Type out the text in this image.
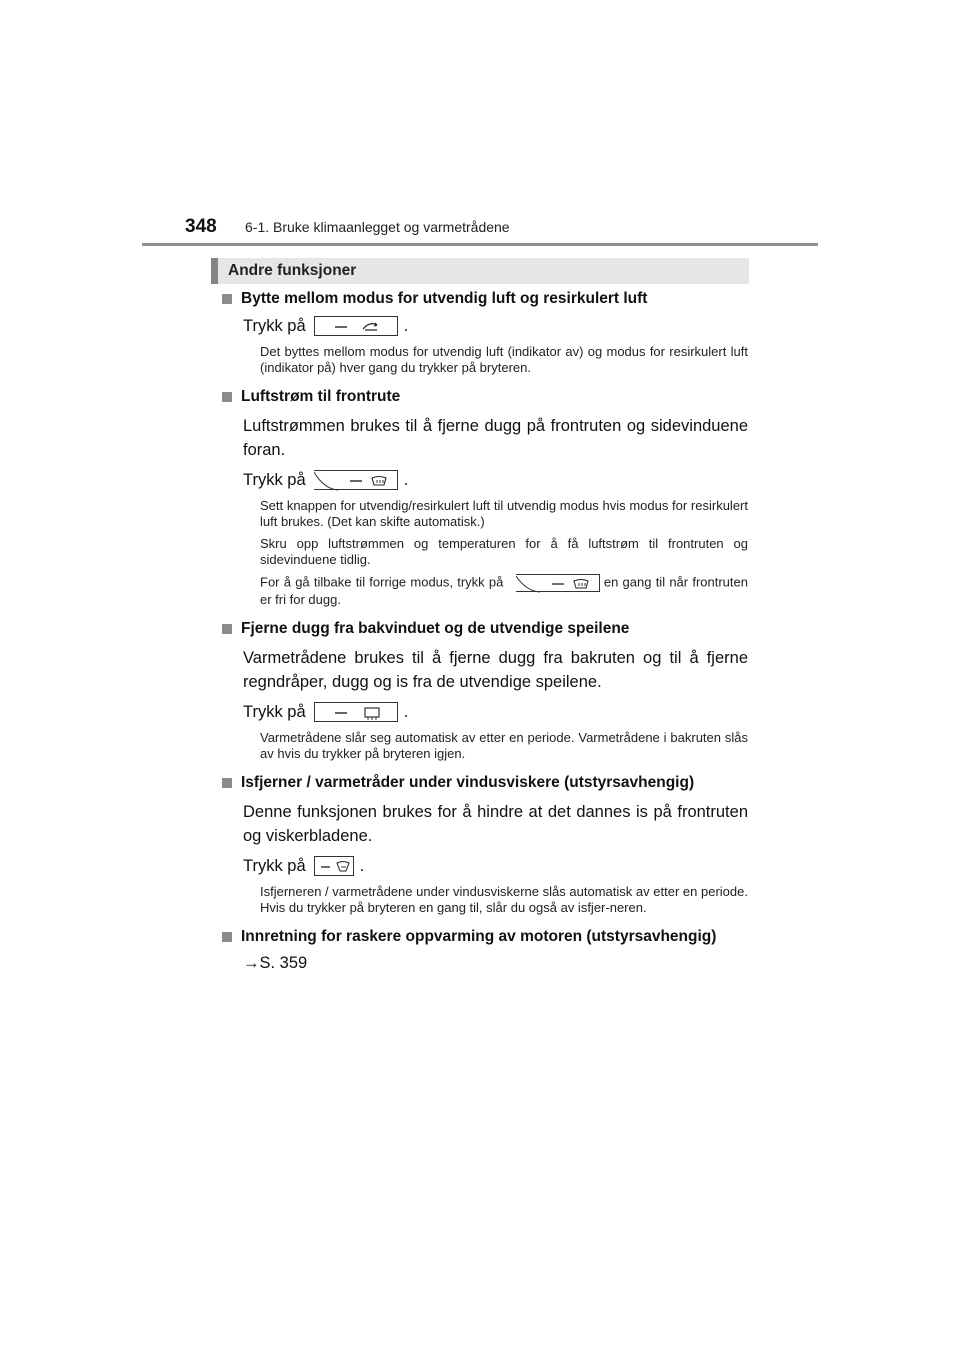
348	6-1. Bruke klimaanlegget og varmetrådene
Andre funksjoner
Bytte mellom modus for utvendig luft og resirkulert luft
Trykk på	.
Det byttes mellom modus for utvendig luft (indikator av) og modus for resirkulert luft (indikator på) hver gang du trykker på bryteren.
Luftstrøm til frontrute
Luftstrømmen brukes til å fjerne dugg på frontruten og sidevinduene foran.
Trykk på	.
Sett knappen for utvendig/resirkulert luft til utvendig modus hvis modus for resirkulert luft brukes. (Det kan skifte automatisk.)
Skru opp luftstrømmen og temperaturen for å få luftstrøm til frontruten og sidevinduene tidlig.
For å gå tilbake til forrige modus, trykk på	en gang til når frontruten er fri for dugg.
Fjerne dugg fra bakvinduet og de utvendige speilene
Varmetrådene brukes til å fjerne dugg fra bakruten og til å fjerne regndråper, dugg og is fra de utvendige speilene.
Trykk på	.
Varmetrådene slår seg automatisk av etter en periode. Varmetrådene i bakruten slås av hvis du trykker på bryteren igjen.
Isfjerner / varmetråder under vindusviskere (utstyrsavhengig)
Denne funksjonen brukes for å hindre at det dannes is på frontruten og viskerbladene.
Trykk på	.
Isfjerneren / varmetrådene under vindusviskerne slås automatisk av etter en periode. Hvis du trykker på bryteren en gang til, slår du også av isfjer-neren.
Innretning for raskere oppvarming av motoren (utstyrsavhengig)
→S. 359
